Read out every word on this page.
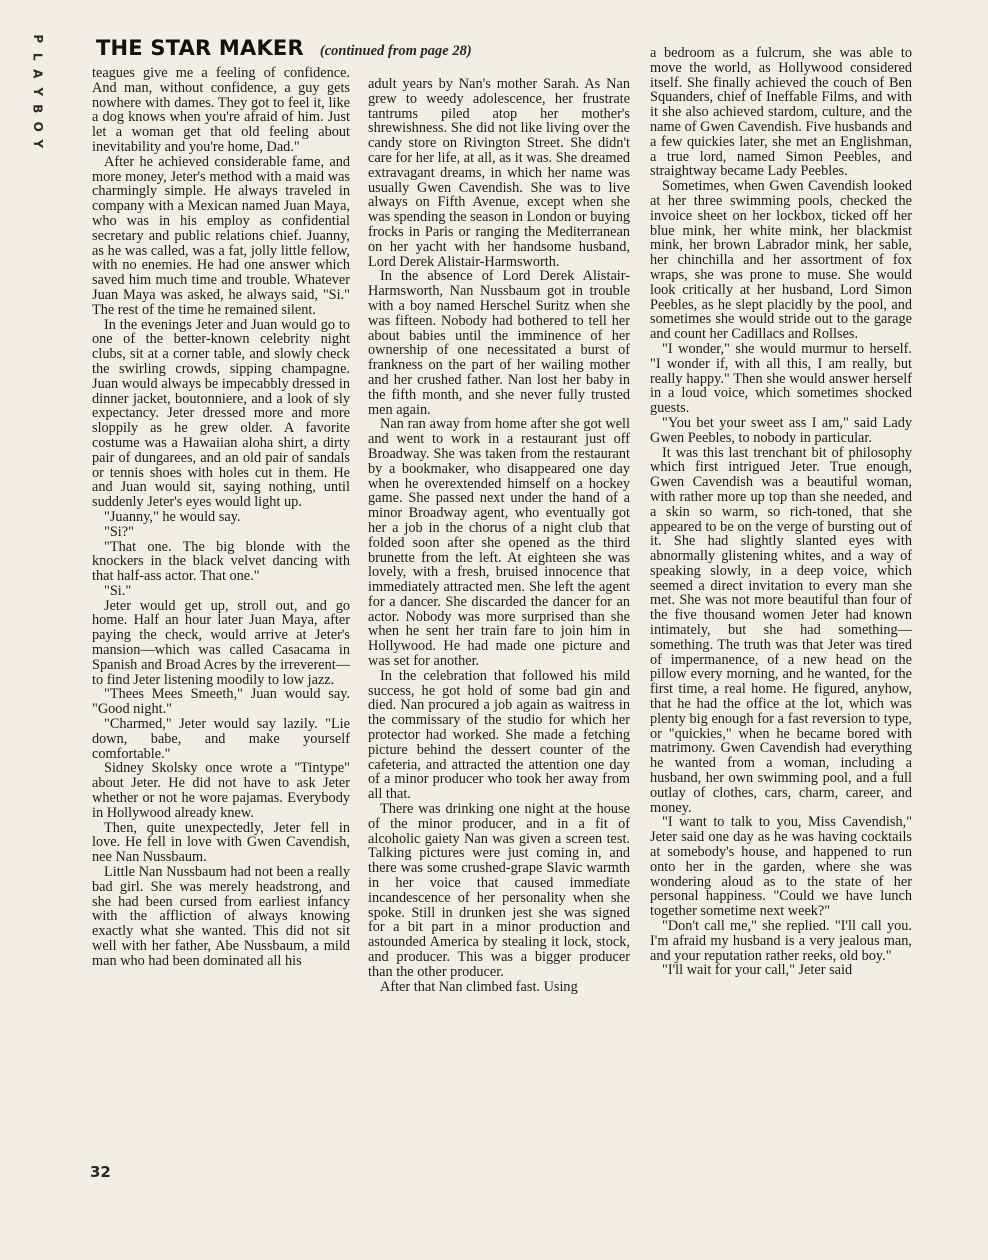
P
L
A
Y
B
O
Y
THE STAR MAKER (continued from page 28)

teagues give me a feeling of confidence. And man, without confidence, a guy gets nowhere with dames. They got to feel it, like a dog knows when you're afraid of him. Just let a woman get that old feeling about inevitability and you're home, Dad."

After he achieved considerable fame, and more money, Jeter's method with a maid was charmingly simple. He always traveled in company with a Mexican named Juan Maya, who was in his employ as confidential secretary and public relations chief. Juanny, as he was called, was a fat, jolly little fellow, with no enemies. He had one answer which saved him much time and trouble. Whatever Juan Maya was asked, he always said, "Si." The rest of the time he remained silent.

In the evenings Jeter and Juan would go to one of the better-known celebrity night clubs, sit at a corner table, and slowly check the swirling crowds, sipping champagne. Juan would always be impecabbly dressed in dinner jacket, boutonniere, and a look of sly expectancy. Jeter dressed more and more sloppily as he grew older. A favorite costume was a Hawaiian aloha shirt, a dirty pair of dungarees, and an old pair of sandals or tennis shoes with holes cut in them. He and Juan would sit, saying nothing, until suddenly Jeter's eyes would light up.

"Juanny," he would say.

"Si?"

"That one. The big blonde with the knockers in the black velvet dancing with that half-ass actor. That one."

"Si."

Jeter would get up, stroll out, and go home. Half an hour later Juan Maya, after paying the check, would arrive at Jeter's mansion—which was called Casacama in Spanish and Broad Acres by the irreverent—to find Jeter listening moodily to low jazz.

"Thees Mees Smeeth," Juan would say. "Good night."

"Charmed," Jeter would say lazily. "Lie down, babe, and make yourself comfortable."

Sidney Skolsky once wrote a "Tintype" about Jeter. He did not have to ask Jeter whether or not he wore pajamas. Everybody in Hollywood already knew.

Then, quite unexpectedly, Jeter fell in love. He fell in love with Gwen Cavendish, nee Nan Nussbaum.

Little Nan Nussbaum had not been a really bad girl. She was merely headstrong, and she had been cursed from earliest infancy with the affliction of always knowing exactly what she wanted. This did not sit well with her father, Abe Nussbaum, a mild man who had been dominated all his

adult years by Nan's mother Sarah. As Nan grew to weedy adolescence, her frustrate tantrums piled atop her mother's shrewishness. She did not like living over the candy store on Rivington Street. She didn't care for her life, at all, as it was. She dreamed extravagant dreams, in which her name was usually Gwen Cavendish. She was to live always on Fifth Avenue, except when she was spending the season in London or buying frocks in Paris or ranging the Mediterranean on her yacht with her handsome husband, Lord Derek Alistair-Harmsworth.

In the absence of Lord Derek Alistair-Harmsworth, Nan Nussbaum got in trouble with a boy named Herschel Suritz when she was fifteen. Nobody had bothered to tell her about babies until the imminence of her ownership of one necessitated a burst of frankness on the part of her wailing mother and her crushed father. Nan lost her baby in the fifth month, and she never fully trusted men again.

Nan ran away from home after she got well and went to work in a restaurant just off Broadway. She was taken from the restaurant by a bookmaker, who disappeared one day when he overextended himself on a hockey game. She passed next under the hand of a minor Broadway agent, who eventually got her a job in the chorus of a night club that folded soon after she opened as the third brunette from the left. At eighteen she was lovely, with a fresh, bruised innocence that immediately attracted men. She left the agent for a dancer. She discarded the dancer for an actor. Nobody was more surprised than she when he sent her train fare to join him in Hollywood. He had made one picture and was set for another.

In the celebration that followed his mild success, he got hold of some bad gin and died. Nan procured a job again as waitress in the commissary of the studio for which her protector had worked. She made a fetching picture behind the dessert counter of the cafeteria, and attracted the attention one day of a minor producer who took her away from all that.

There was drinking one night at the house of the minor producer, and in a fit of alcoholic gaiety Nan was given a screen test. Talking pictures were just coming in, and there was some crushed-grape Slavic warmth in her voice that caused immediate incandescence of her personality when she spoke. Still in drunken jest she was signed for a bit part in a minor production and astounded America by stealing it lock, stock, and producer. This was a bigger producer than the other producer.

After that Nan climbed fast. Using

a bedroom as a fulcrum, she was able to move the world, as Hollywood considered itself. She finally achieved the couch of Ben Squanders, chief of Ineffable Films, and with it she also achieved stardom, culture, and the name of Gwen Cavendish. Five husbands and a few quickies later, she met an Englishman, a true lord, named Simon Peebles, and straightway became Lady Peebles.

Sometimes, when Gwen Cavendish looked at her three swimming pools, checked the invoice sheet on her lockbox, ticked off her blue mink, her white mink, her blackmist mink, her brown Labrador mink, her sable, her chinchilla and her assortment of fox wraps, she was prone to muse. She would look critically at her husband, Lord Simon Peebles, as he slept placidly by the pool, and sometimes she would stride out to the garage and count her Cadillacs and Rollses.

"I wonder," she would murmur to herself. "I wonder if, with all this, I am really, but really happy." Then she would answer herself in a loud voice, which sometimes shocked guests.

"You bet your sweet ass I am," said Lady Gwen Peebles, to nobody in particular.

It was this last trenchant bit of philosophy which first intrigued Jeter. True enough, Gwen Cavendish was a beautiful woman, with rather more up top than she needed, and a skin so warm, so rich-toned, that she appeared to be on the verge of bursting out of it. She had slightly slanted eyes with abnormally glistening whites, and a way of speaking slowly, in a deep voice, which seemed a direct invitation to every man she met. She was not more beautiful than four of the five thousand women Jeter had known intimately, but she had something—something. The truth was that Jeter was tired of impermanence, of a new head on the pillow every morning, and he wanted, for the first time, a real home. He figured, anyhow, that he had the office at the lot, which was plenty big enough for a fast reversion to type, or "quickies," when he became bored with matrimony. Gwen Cavendish had everything he wanted from a woman, including a husband, her own swimming pool, and a full outlay of clothes, cars, charm, career, and money.

"I want to talk to you, Miss Cavendish," Jeter said one day as he was having cocktails at somebody's house, and happened to run onto her in the garden, where she was wondering aloud as to the state of her personal happiness. "Could we have lunch together sometime next week?"

"Don't call me," she replied. "I'll call you. I'm afraid my husband is a very jealous man, and your reputation rather reeks, old boy."

"I'll wait for your call," Jeter said

32
